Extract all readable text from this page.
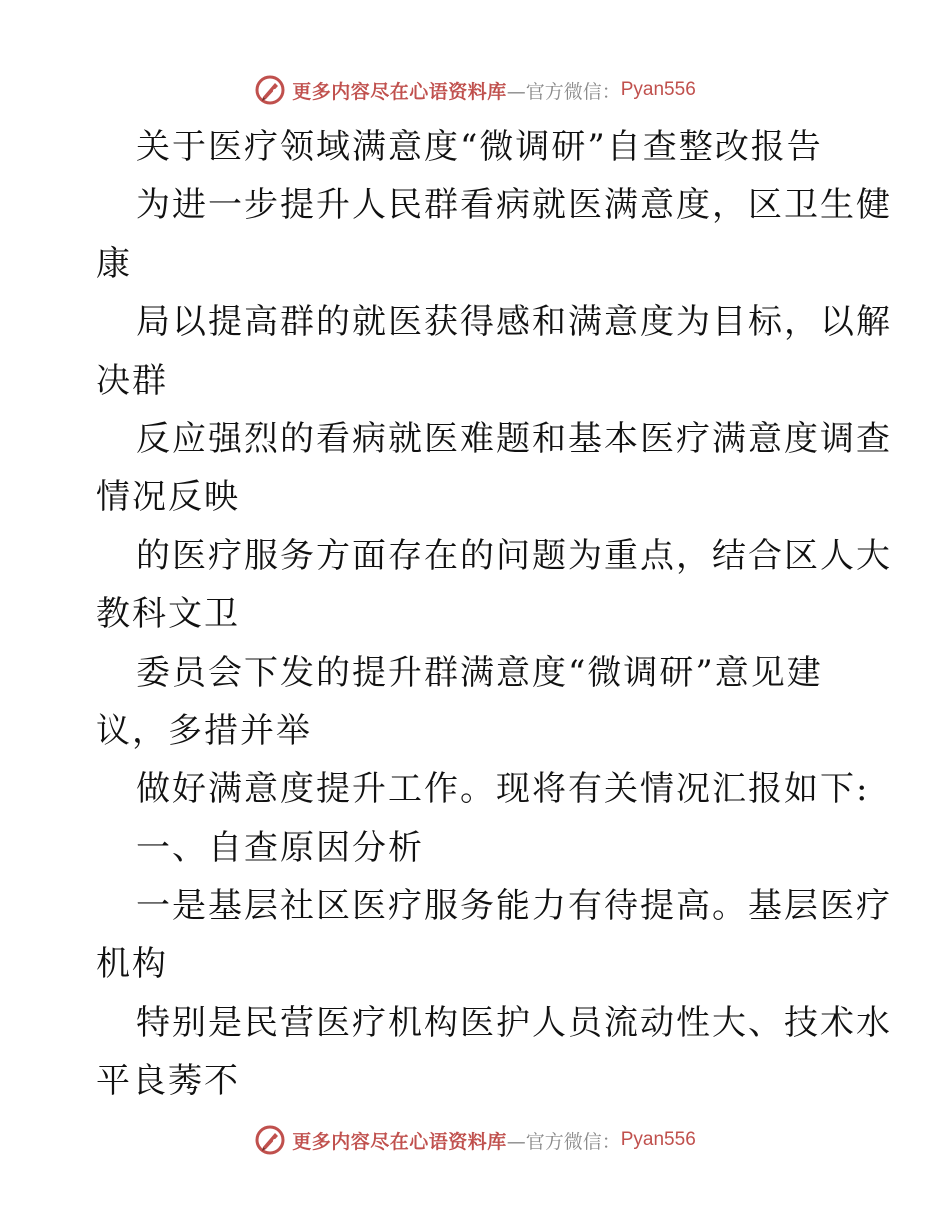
更多内容尽在心语资料库 —官方微信： Pyan556
关于医疗领域满意度“微调研”自查整改报告
为进一步提升人民群看病就医满意度，区卫生健
康
局以提高群的就医获得感和满意度为目标，以解
决群
反应强烈的看病就医难题和基本医疗满意度调查
情况反映
的医疗服务方面存在的问题为重点，结合区人大
教科文卫
委员会下发的提升群满意度“微调研”意见建
议，多措并举
做好满意度提升工作。现将有关情况汇报如下:
一、自查原因分析
一是基层社区医疗服务能力有待提高。基层医疗
机构
特别是民营医疗机构医护人员流动性大、技术水
平良莠不
更多内容尽在心语资料库 —官方微信： Pyan556
